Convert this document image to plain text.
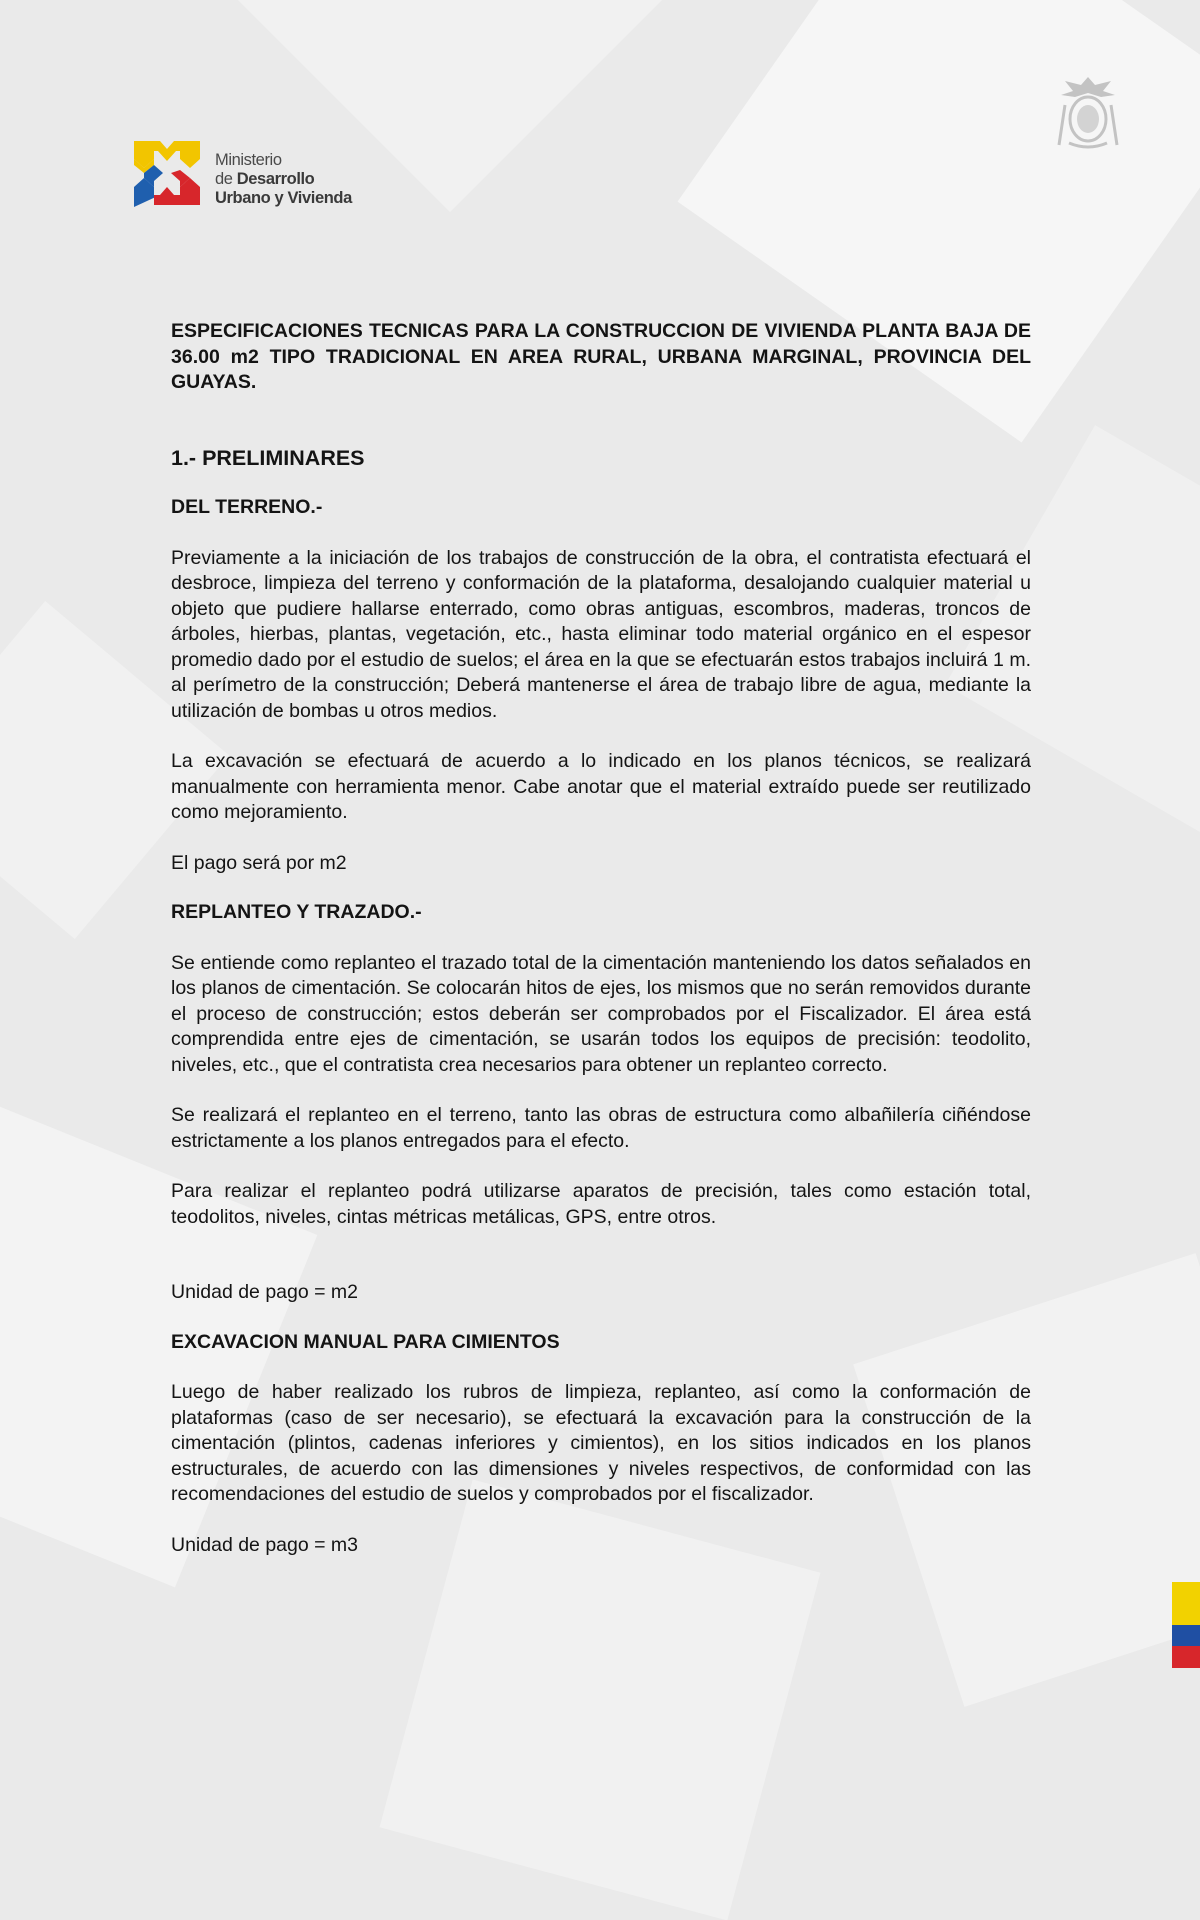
Ministerio
de Desarrollo
Urbano y Vivienda

ESPECIFICACIONES TECNICAS PARA LA CONSTRUCCION DE VIVIENDA PLANTA BAJA DE 36.00 m2 TIPO TRADICIONAL EN AREA RURAL, URBANA MARGINAL, PROVINCIA DEL GUAYAS.

1.- PRELIMINARES
DEL TERRENO.-

Previamente a la iniciación de los trabajos de construcción de la obra, el contratista efectuará el desbroce, limpieza del terreno y conformación de la plataforma, desalojando cualquier material u objeto que pudiere hallarse enterrado, como obras antiguas, escombros, maderas, troncos de árboles, hierbas, plantas, vegetación, etc., hasta eliminar todo material orgánico en el espesor promedio dado por el estudio de suelos; el área en la que se efectuarán estos trabajos incluirá 1 m. al perímetro de la construcción; Deberá mantenerse el área de trabajo libre de agua, mediante la utilización de bombas u otros medios.

La excavación se efectuará de acuerdo a lo indicado en los planos técnicos, se realizará manualmente con herramienta menor. Cabe anotar que el material extraído puede ser reutilizado como mejoramiento.

El pago será por m2

REPLANTEO Y TRAZADO.-

Se entiende como replanteo el trazado total de la cimentación manteniendo los datos señalados en los planos de cimentación. Se colocarán hitos de ejes, los mismos que no serán removidos durante el proceso de construcción; estos deberán ser comprobados por el Fiscalizador. El área está comprendida entre ejes de cimentación, se usarán todos los equipos de precisión: teodolito, niveles, etc., que el contratista crea necesarios para obtener un replanteo correcto.

Se realizará el replanteo en el terreno, tanto las obras de estructura como albañilería ciñéndose estrictamente a los planos entregados para el efecto.

Para realizar el replanteo podrá utilizarse aparatos de precisión, tales como estación total, teodolitos, niveles, cintas métricas metálicas, GPS, entre otros.

Unidad de pago = m2

EXCAVACION MANUAL PARA CIMIENTOS

Luego de haber realizado los rubros de limpieza, replanteo, así como la conformación de plataformas (caso de ser necesario), se efectuará la excavación para la construcción de la cimentación (plintos, cadenas inferiores y cimientos), en los sitios indicados en los planos estructurales, de acuerdo con las dimensiones y niveles respectivos, de conformidad con las recomendaciones del estudio de suelos y comprobados por el fiscalizador.

Unidad de pago = m3
